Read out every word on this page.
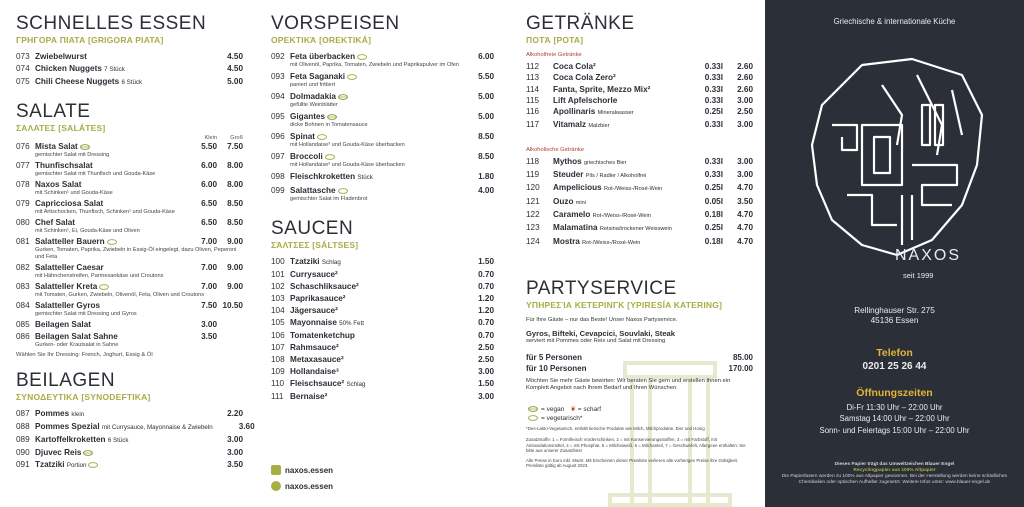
SCHNELLES ESSEN
ΓΡΗΓΟΡΑ ΠΙΑΤΑ [GRIGORA PIATA]
073 Zwiebelwurst	4.50
074 Chicken Nuggets 7 Stück	4.50
075 Chili Cheese Nuggets 6 Stück	5.00
SALATE
ΣΑΛΑΤΕΣ [SALÁTES]
Klein	Groß
076 Mista Salat	5.50	7.50
gemischter Salat mit Dressing
077 Thunfischsalat	6.00	8.00
gemischter Salat mit Thunfisch und Gouda-Käse
078 Naxos Salat	6.00	8.00
mit Schinken¹ und Gouda-Käse
079 Capricciosa Salat	6.50	8.50
mit Artischocken, Thunfisch, Schinken¹ und Gouda-Käse
080 Chef Salat	6.50	8.50
mit Schinken¹, Ei, Gouda-Käse und Oliven
081 Salatteller Bauern	7.00	9.00
Gurken, Tomaten, Paprika, Zwiebeln in Essig-Öl eingelegt, dazu Oliven, Peperoni und Feta
082 Salatteller Caesar	7.00	9.00
mit Hähnchenstreifen, Parmesankäse und Croutons
083 Salatteller Kreta	7.00	9.00
mit Tomaten, Gurken, Zwiebeln, Olivenöl, Feta, Oliven und Croutons
084 Salatteller Gyros	7.50 10.50
gemischter Salat mit Dressing und Gyros
085 Beilagen Salat	3.00
086 Beilagen Salat Sahne	3.50
Gurken- oder Krautsalat in Sahne
Wählen Sie Ihr Dressing: French, Joghurt, Essig & Öl
BEILAGEN
ΣΥΝΟΔΕΥΤΙΚΑ [SYNODEFTIKA]
087 Pommes klein	2.20
088 Pommes Spezial mit Currysauce, Mayonnaise & Zwiebeln	3.60
089 Kartoffelkroketten 6 Stück	3.00
090 Djuvec Reis	3.00
091 Tzatziki Portion	3.50
VORSPEISEN
ΟΡΕΚΤΙΚΆ [OREKTIKÁ]
092 Feta überbacken	6.00
mit Olivenöl, Paprika, Tomaten, Zwiebeln und Paprikapulver im Ofen
093 Feta Saganaki	5.50
paniert und frittiert
094 Dolmadakia	5.00
gefüllte Weinblätter
095 Gigantes	5.00
dicke Bohnen in Tomatensauce
096 Spinat	8.50
mit Hollandaise³ und Gouda-Käse überbacken
097 Broccoli	8.50
mit Hollandaise³ und Gouda-Käse überbacken
098 Fleischkroketten Stück	1.80
099 Salattasche	4.00
gemischter Salat im Fladenbrot
SAUCEN
ΣΆΛΤΣΕΣ [SÁLTSES]
100 Tzatziki Schlag	1.50
101 Currysauce²	0.70
102 Schaschliksauce²	0.70
103 Paprikasauce²	1.20
104 Jägersauce²	1.20
105 Mayonnaise 50% Fett	0.70
106 Tomatenketchup	0.70
107 Rahmsauce²	2.50
108 Metaxasauce²	2.50
109 Hollandaise³	3.00
110 Fleischsauce² Schlag	1.50
111 Bernaise²	3.00
naxos.essen
naxos.essen
GETRÄNKE
ΠΟΤΆ [POTA]
Alkoholfreie Getränke
112	Coca Cola²	0.33l	2.60
113	Coca Cola Zero²	0.33l	2.60
114	Fanta, Sprite, Mezzo Mix²	0.33l	2.60
115	Lift Apfelschorle	0.33l	3.00
116	Apollinaris Mineralwasser	0.25l	2.50
117	Vitamalz Malzbier	0.33l	3.00
Alkoholische Getränke
118	Mythos griechisches Bier	0.33l	3.00
119	Steuder Pils / Radler / Alkoholfrei	0.33l	3.00
120	Ampelicious Rot-/Weiss-/Rosé-Wein	0.25l	4.70
121	Ouzo mini	0.05l	3.50
122	Caramelo Rot-/Weiss-/Rosé-Wein	0.18l	4.70
123	Malamatina Retsina/trockener Weisswein	0.25l	4.70
124	Mostra Rot-/Weiss-/Rosé-Wein	0.18l	4.70
PARTYSERVICE
ΥΠΗΡΕΣΊΑ ΚΕΤΕΡΙΝΓΚ [YPIRESÍA KATERING]

Für Ihre Gäste – nur das Beste! Unser Naxos Partyservice.

Gyros, Bifteki, Cevapcici, Souvlaki, Steak

serviert mit Pommes oder Reis und Salat mit Dressing

für 5 Personen	85.00
für 10 Personen	170.00

Möchten Sie mehr Gäste bewirten: Wir beraten Sie gern und erstellen Ihnen ein Komplett Angebot nach Ihrem Bedarf und Ihren Wünschen.

= vegan ❦ = scharf
= vegetarisch*
*Des-Lakto-Vegetarisch, enthält tierische Produkte wie Milch, Milchprodukte, Eier und Honig
Zusatzstoffe: 1 = Formfleisch Vorderschinken, 2 = mit Konservierungsstoffen, 3 = mit Farbstoff, mit Antioxidationsmittel, 4 = mit Phosphat, 5 = Milcheiweiß, 6 = Milchanteil, 7 = Geschwefelt, Allergene enthalten: Sie bitte aus unserer Zusatzliste!
Alle Preise in Euro inkl. MwSt. Mit Erscheinen dieser Preisliste verlieren alle vorherigen Preise ihre Gültigkeit. Preisliste gültig ab August 2023.
Griechische & internationale Küche
NAXOS
seit 1999
Rellinghauser Str. 275
45136 Essen
Telefon
0201 25 26 44
Öffnungszeiten
Di-Fr 11:30 Uhr – 22:00 Uhr
Samstag 14:00 Uhr – 22:00 Uhr
Sonn- und Feiertags 15:00 Uhr – 22:00 Uhr
Dieses Papier trägt das Umweltzeichen Blauer Engel
Recyclingpapier aus 100% Altpapier
Die Papierfasern werden zu 100% aus Altpapier gewonnen. Bei der Herstellung werden keine schädlichen Chemikalien oder optischen Aufheller zugesetzt. Weitere Infos unter: www.blauer-engel.de
